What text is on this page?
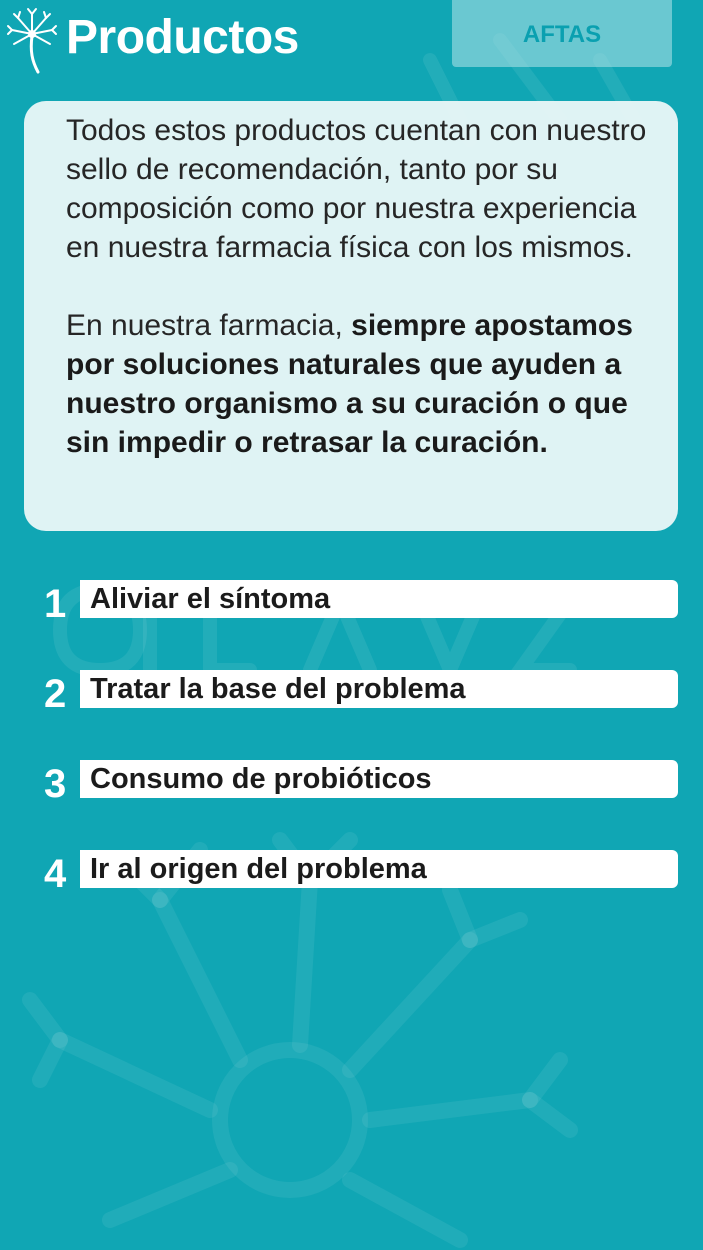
Productos	AFTAS

Todos estos productos cuentan con nuestro sello de recomendación, tanto por su composición como por nuestra experiencia en nuestra farmacia física con los mismos.

En nuestra farmacia, siempre apostamos por soluciones naturales que ayuden a nuestro organismo a su curación o que sin impedir o retrasar la curación.

1 Aliviar el síntoma
2 Tratar la base del problema
3 Consumo de probióticos
4 Ir al origen del problema
